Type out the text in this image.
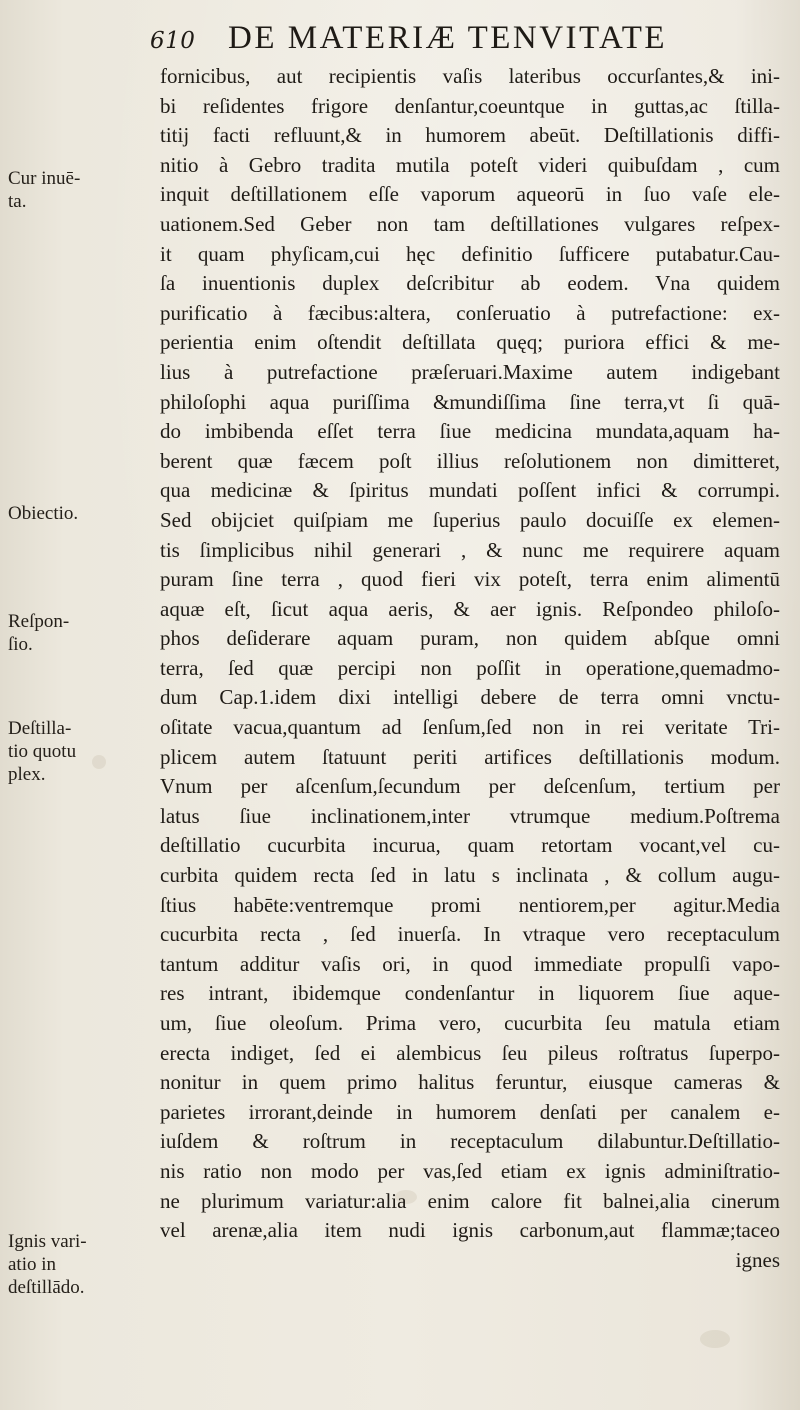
610 DE MATERIÆ TENVITATE
fornicibus, aut recipientis vaſis lateribus occurſantes,& ini-
bi reſidentes frigore denſantur,coeuntque in guttas,ac ſtilla-
titij facti refluunt,& in humorem abeūt. Deſtillationis diffi-
nitio à Gebro tradita mutila poteſt videri quibuſdam , cum
inquit deſtillationem eſſe vaporum aqueorū in ſuo vaſe ele-
uationem.Sed Geber non tam deſtillationes vulgares reſpex-
it quam phyſicam,cui hęc definitio ſufficere putabatur.Cau-
ſa inuentionis duplex deſcribitur ab eodem. Vna quidem
purificatio à fæcibus:altera, conſeruatio à putrefactione: ex-
perientia enim oſtendit deſtillata quęq; puriora effici & me-
lius à putrefactione præſeruari.Maxime autem indigebant
philoſophi aqua puriſſima &mundiſſima ſine terra,vt ſi quā-
do imbibenda eſſet terra ſiue medicina mundata,aquam ha-
berent quæ fæcem poſt illius reſolutionem non dimitteret,
qua medicinæ & ſpiritus mundati poſſent infici & corrumpi.
Sed obijciet quiſpiam me ſuperius paulo docuiſſe ex elemen-
tis ſimplicibus nihil generari , & nunc me requirere aquam
puram ſine terra , quod fieri vix poteſt, terra enim alimentū
aquæ eſt, ſicut aqua aeris, & aer ignis. Reſpondeo philoſo-
phos deſiderare aquam puram, non quidem abſque omni
terra, ſed quæ percipi non poſſit in operatione,quemadmo-
dum Cap.1.idem dixi intelligi debere de terra omni vnctu-
oſitate vacua,quantum ad ſenſum,ſed non in rei veritate Tri-
plicem autem ſtatuunt periti artifices deſtillationis modum.
Vnum per aſcenſum,ſecundum per deſcenſum, tertium per
latus ſiue inclinationem,inter vtrumque medium.Poſtrema
deſtillatio cucurbita incurua, quam retortam vocant,vel cu-
curbita quidem recta ſed in latu s inclinata , & collum augu-
ſtius habēte:ventremque promi nentiorem,per agitur.Media
cucurbita recta , ſed inuerſa. In vtraque vero receptaculum
tantum additur vaſis ori, in quod immediate propulſi vapo-
res intrant, ibidemque condenſantur in liquorem ſiue aque-
um, ſiue oleoſum. Prima vero, cucurbita ſeu matula etiam
erecta indiget, ſed ei alembicus ſeu pileus roſtratus ſuperpo-
nonitur in quem primo halitus feruntur, eiusque cameras &
parietes irrorant,deinde in humorem denſati per canalem e-
iuſdem & roſtrum in receptaculum dilabuntur.Deſtillatio-
nis ratio non modo per vas,ſed etiam ex ignis adminiſtratio-
ne plurimum variatur:alia enim calore fit balnei,alia cinerum
vel arenæ,alia item nudi ignis carbonum,aut flammæ;taceo
ignes
Cur inuē-
ta.
Obiectio.
Reſpon-
ſio.
Deſtilla-
tio quotu
plex.
Ignis vari-
atio in
deſtillādo.
